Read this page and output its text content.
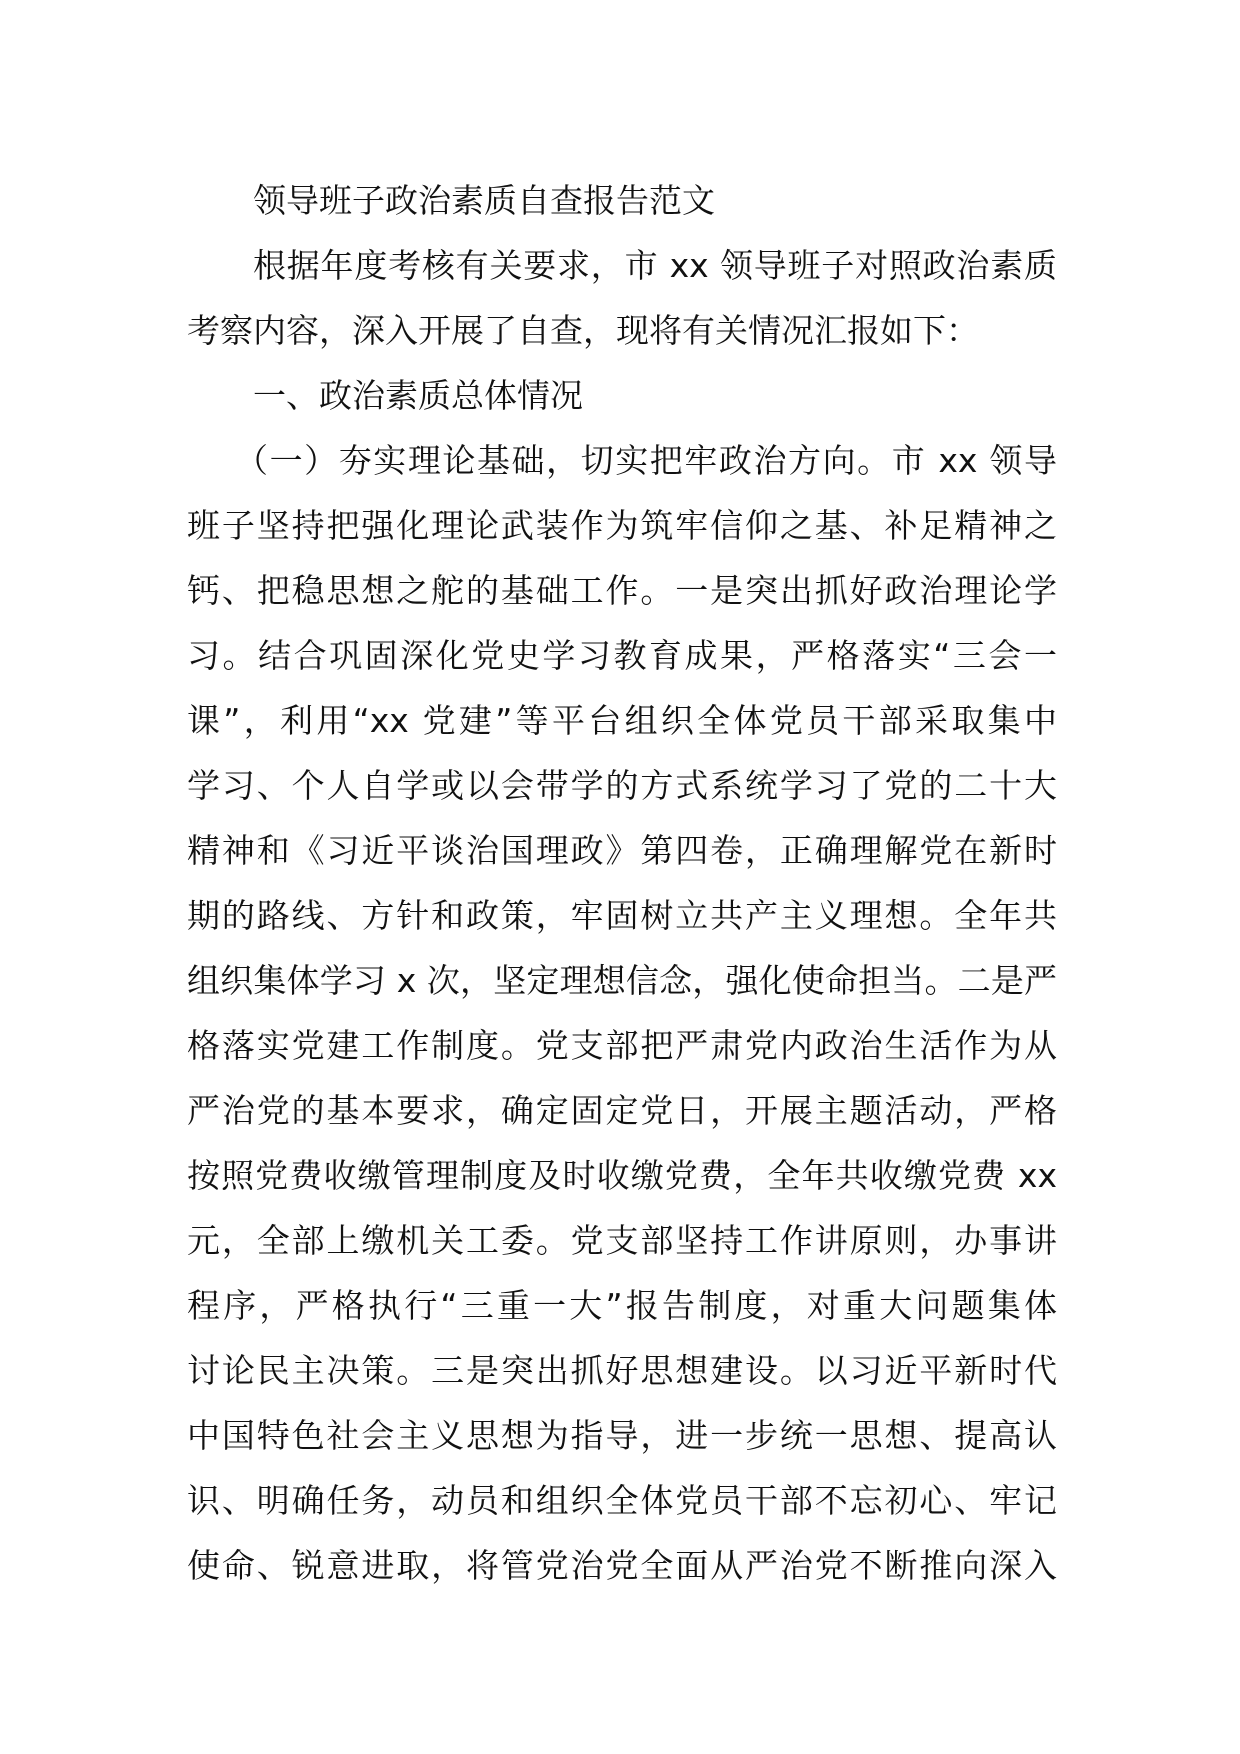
领导班子政治素质自查报告范文
根据年度考核有关要求，市 xx 领导班子对照政治素质
考察内容，深入开展了自查，现将有关情况汇报如下：
一、政治素质总体情况
（一）夯实理论基础，切实把牢政治方向。市 xx 领导
班子坚持把强化理论武装作为筑牢信仰之基、补足精神之
钙、把稳思想之舵的基础工作。一是突出抓好政治理论学
习。结合巩固深化党史学习教育成果，严格落实“三会一
课”，利用“xx 党建”等平台组织全体党员干部采取集中
学习、个人自学或以会带学的方式系统学习了党的二十大
精神和《习近平谈治国理政》第四卷，正确理解党在新时
期的路线、方针和政策，牢固树立共产主义理想。全年共
组织集体学习 x 次，坚定理想信念，强化使命担当。二是严
格落实党建工作制度。党支部把严肃党内政治生活作为从
严治党的基本要求，确定固定党日，开展主题活动，严格
按照党费收缴管理制度及时收缴党费，全年共收缴党费 xx
元，全部上缴机关工委。党支部坚持工作讲原则，办事讲
程序，严格执行“三重一大”报告制度，对重大问题集体
讨论民主决策。三是突出抓好思想建设。以习近平新时代
中国特色社会主义思想为指导，进一步统一思想、提高认
识、明确任务，动员和组织全体党员干部不忘初心、牢记
使命、锐意进取，将管党治党全面从严治党不断推向深入
